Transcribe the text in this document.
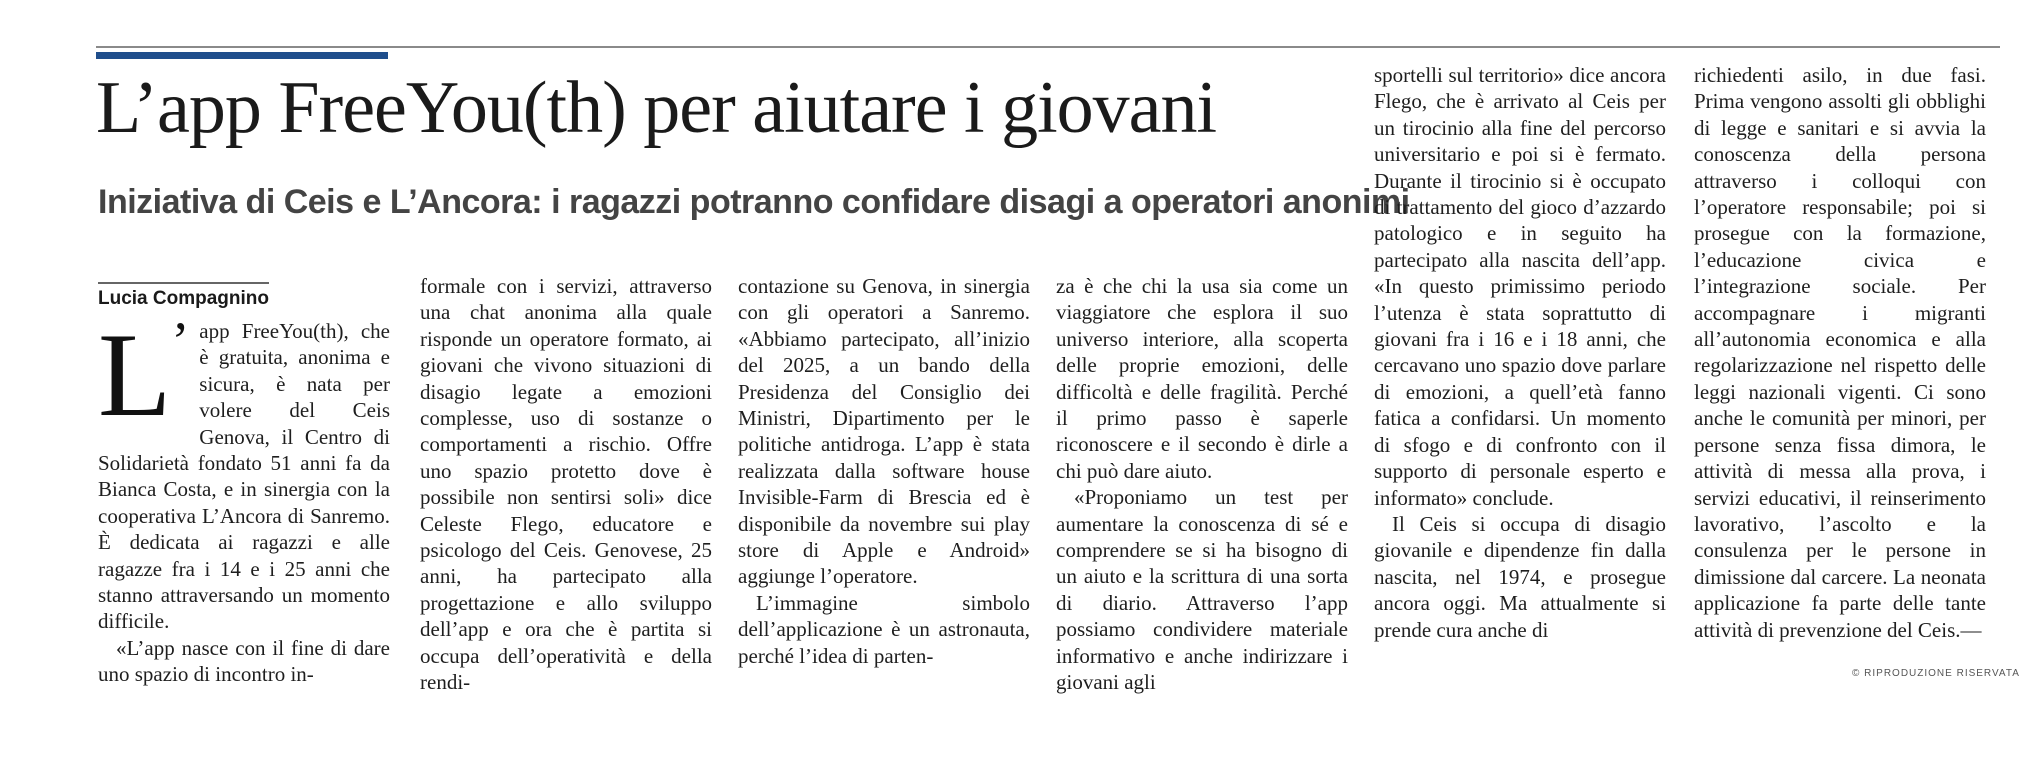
L’app FreeYou(th) per aiutare i giovani
Iniziativa di Ceis e L’Ancora: i ragazzi potranno confidare disagi a operatori anonimi
Lucia Compagnino

L’ app FreeYou(th), che è gratuita, anonima e sicura, è nata per volere del Ceis Genova, il Centro di Solidarietà fondato 51 anni fa da Bianca Costa, e in sinergia con la cooperativa L’Ancora di Sanremo. È dedicata ai ragazzi e alle ragazze fra i 14 e i 25 anni che stanno attraversando un momento difficile.

«L’app nasce con il fine di dare uno spazio di incontro in-

formale con i servizi, attraverso una chat anonima alla quale risponde un operatore formato, ai giovani che vivono situazioni di disagio legate a emozioni complesse, uso di sostanze o comportamenti a rischio. Offre uno spazio protetto dove è possibile non sentirsi soli» dice Celeste Flego, educatore e psicologo del Ceis. Genovese, 25 anni, ha partecipato alla progettazione e allo sviluppo dell’app e ora che è partita si occupa dell’operatività e della rendi-

contazione su Genova, in sinergia con gli operatori a Sanremo. «Abbiamo partecipato, all’inizio del 2025, a un bando della Presidenza del Consiglio dei Ministri, Dipartimento per le politiche antidroga. L’app è stata realizzata dalla software house Invisible-Farm di Brescia ed è disponibile da novembre sui play store di Apple e Android» aggiunge l’operatore.

L’immagine simbolo dell’applicazione è un astronauta, perché l’idea di parten-

za è che chi la usa sia come un viaggiatore che esplora il suo universo interiore, alla scoperta delle proprie emozioni, delle difficoltà e delle fragilità. Perché il primo passo è saperle riconoscere e il secondo è dirle a chi può dare aiuto.

«Proponiamo un test per aumentare la conoscenza di sé e comprendere se si ha bisogno di un aiuto e la scrittura di una sorta di diario. Attraverso l’app possiamo condividere materiale informativo e anche indirizzare i giovani agli

sportelli sul territorio» dice ancora Flego, che è arrivato al Ceis per un tirocinio alla fine del percorso universitario e poi si è fermato. Durante il tirocinio si è occupato di trattamento del gioco d’azzardo patologico e in seguito ha partecipato alla nascita dell’app. «In questo primissimo periodo l’utenza è stata soprattutto di giovani fra i 16 e i 18 anni, che cercavano uno spazio dove parlare di emozioni, a quell’età fanno fatica a confidarsi. Un momento di sfogo e di confronto con il supporto di personale esperto e informato» conclude.

Il Ceis si occupa di disagio giovanile e dipendenze fin dalla nascita, nel 1974, e prosegue ancora oggi. Ma attualmente si prende cura anche di

richiedenti asilo, in due fasi. Prima vengono assolti gli obblighi di legge e sanitari e si avvia la conoscenza della persona attraverso i colloqui con l’operatore responsabile; poi si prosegue con la formazione, l’educazione civica e l’integrazione sociale. Per accompagnare i migranti all’autonomia economica e alla regolarizzazione nel rispetto delle leggi nazionali vigenti. Ci sono anche le comunità per minori, per persone senza fissa dimora, le attività di messa alla prova, i servizi educativi, il reinserimento lavorativo, l’ascolto e la consulenza per le persone in dimissione dal carcere. La neonata applicazione fa parte delle tante attività di prevenzione del Ceis.—

© RIPRODUZIONE RISERVATA
